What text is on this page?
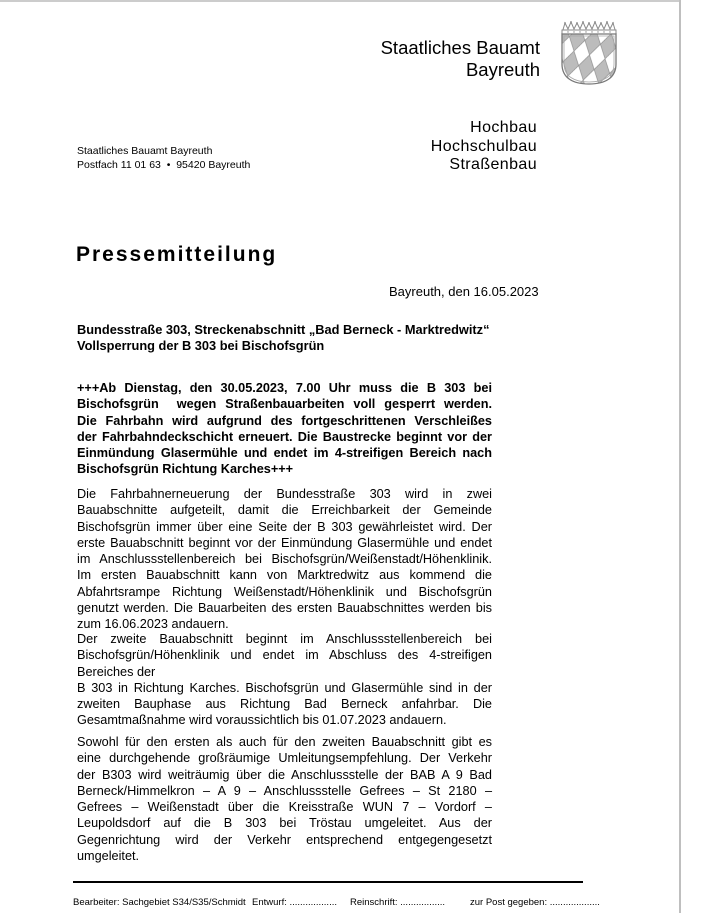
Staatliches Bauamt
Bayreuth
Hochbau
Hochschulbau
Straßenbau
Staatliches Bauamt Bayreuth
Postfach 11 01 63  •  95420 Bayreuth
Pressemitteilung
Bayreuth, den 16.05.2023
Bundesstraße 303, Streckenabschnitt „Bad Berneck - Marktredwitz“
Vollsperrung der B 303 bei Bischofsgrün
+++Ab Dienstag, den 30.05.2023, 7.00 Uhr muss die B 303 bei
Bischofsgrün  wegen Straßenbauarbeiten voll gesperrt werden.
Die Fahrbahn wird aufgrund des fortgeschrittenen Verschleißes
der Fahrbahndeckschicht erneuert. Die Baustrecke beginnt vor der
Einmündung Glasermühle und endet im 4-streifigen Bereich nach
Bischofsgrün Richtung Karches+++
Die Fahrbahnerneuerung der Bundesstraße 303 wird in zwei
Bauabschnitte aufgeteilt, damit die Erreichbarkeit der Gemeinde
Bischofsgrün immer über eine Seite der B 303 gewährleistet wird. Der
erste Bauabschnitt beginnt vor der Einmündung Glasermühle und endet
im Anschlussstellenbereich bei Bischofsgrün/Weißenstadt/Höhenklinik.
Im ersten Bauabschnitt kann von Marktredwitz aus kommend die
Abfahrtsrampe Richtung Weißenstadt/Höhenklinik und Bischofsgrün
genutzt werden. Die Bauarbeiten des ersten Bauabschnittes werden bis
zum 16.06.2023 andauern.
Der zweite Bauabschnitt beginnt im Anschlussstellenbereich bei
Bischofsgrün/Höhenklinik und endet im Abschluss des 4-streifigen
Bereiches der
B 303 in Richtung Karches. Bischofsgrün und Glasermühle sind in der
zweiten Bauphase aus Richtung Bad Berneck anfahrbar. Die
Gesamtmaßnahme wird voraussichtlich bis 01.07.2023 andauern.
Sowohl für den ersten als auch für den zweiten Bauabschnitt gibt es
eine durchgehende großräumige Umleitungsempfehlung. Der Verkehr
der B303 wird weiträumig über die Anschlussstelle der BAB A 9 Bad
Berneck/Himmelkron – A 9 – Anschlussstelle Gefrees – St 2180 –
Gefrees – Weißenstadt über die Kreisstraße WUN 7 – Vordorf –
Leupoldsdorf auf die B 303 bei Tröstau umgeleitet. Aus der
Gegenrichtung wird der Verkehr entsprechend entgegengesetzt
umgeleitet.
Bearbeiter: Sachgebiet S34/S35/Schmidt Entwurf: .................. Reinschrift: .................	zur Post gegeben: ...................
